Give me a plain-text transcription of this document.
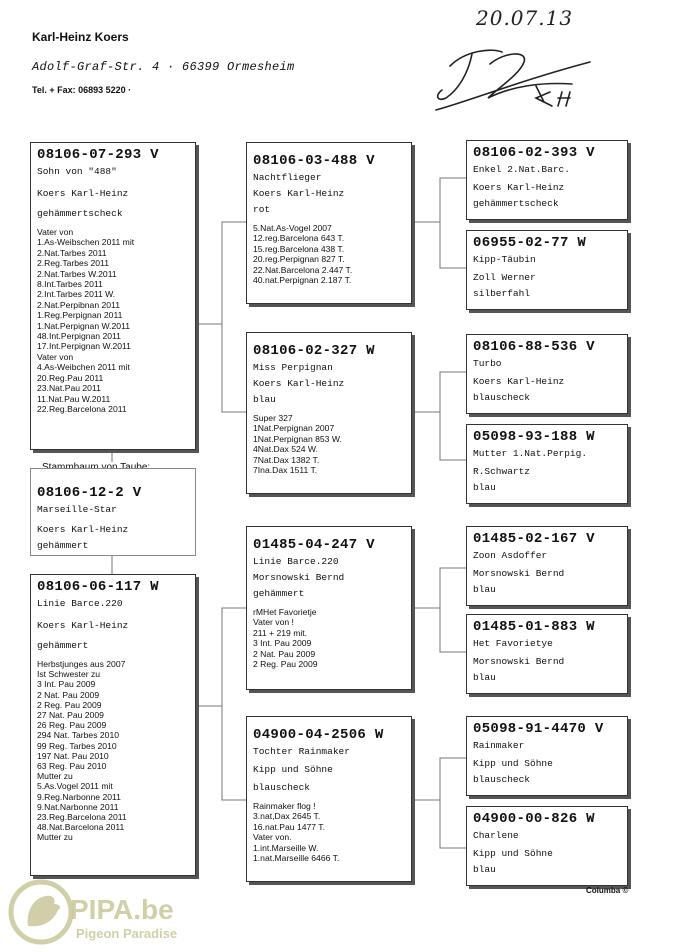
Karl-Heinz Koers
Adolf-Graf-Str. 4 · 66399 Ormesheim
Tel. + Fax: 06893 5220 ·
20.07.13
08106-07-293 V
Sohn von "488"
Koers Karl-Heinz
gehämmertscheck
Vater von
1.As-Weibschen 2011 mit
2.Nat.Tarbes 2011
2.Reg.Tarbes 2011
2.Nat.Tarbes W.2011
8.Int.Tarbes 2011
2.Int.Tarbes 2011 W.
2.Nat.Perpibnan 2011
1.Reg.Perpignan 2011
1.Nat.Perpignan W.2011
48.Int.Perpignan 2011
17.Int.Perpignan W.2011
Vater von
4.As-Weibchen 2011 mit
20.Reg.Pau 2011
23.Nat.Pau 2011
11.Nat.Pau W.2011
22.Reg.Barcelona 2011
08106-12-2 V
Marseille-Star
Koers Karl-Heinz
gehämmert
08106-06-117 W
Linie Barce.220
Koers Karl-Heinz
gehämmert
Herbstjunges aus 2007
Ist Schwester zu
3 Int. Pau 2009
2 Nat. Pau 2009
2 Reg. Pau 2009
27 Nat. Pau 2009
26 Reg. Pau 2009
294 Nat. Tarbes 2010
99 Reg. Tarbes 2010
197 Nat. Pau 2010
63 Reg. Pau 2010
Mutter zu
5.As.Vogel 2011 mit
9.Reg.Narbonne 2011
9.Nat.Narbonne 2011
23.Reg.Barcelona 2011
48.Nat.Barcelona 2011
Mutter zu
08106-03-488 V
Nachtflieger
Koers Karl-Heinz
rot
5.Nat.As-Vogel 2007
12.reg.Barcelona 643 T.
15.reg.Barcelona 438 T.
20.reg.Perpignan 827 T.
22.Nat.Barcelona 2.447 T.
40.nat.Perpignan 2.187 T.
08106-02-327 W
Miss Perpignan
Koers Karl-Heinz
blau
Super 327
1Nat.Perpignan 2007
1Nat.Perpignan 853 W.
4Nat.Dax 524 W.
7Nat.Dax 1382 T.
7Ina.Dax 1511 T.
01485-04-247 V
Linie Barce.220
Morsnowski Bernd
gehämmert
rMHet Favorietje
Vater von !
211 + 219 mit.
3 Int. Pau 2009
2 Nat. Pau 2009
2 Reg. Pau 2009
04900-04-2506 W
Tochter Rainmaker
Kipp und Söhne
blauscheck
Rainmaker flog !
3.nat,Dax 2645 T.
16.nat.Pau 1477 T.
Vater von.
1.int.Marseille W.
1.nat.Marseille 6466 T.
08106-02-393 V
Enkel 2.Nat.Barc.
Koers Karl-Heinz
gehämmertscheck
06955-02-77 W
Kipp-Täubin
Zoll Werner
silberfahl
08106-88-536 V
Turbo
Koers Karl-Heinz
blauscheck
05098-93-188 W
Mutter 1.Nat.Perpig.
R.Schwartz
blau
01485-02-167 V
Zoon Asdoffer
Morsnowski Bernd
blau
01485-01-883 W
Het Favorietye
Morsnowski Bernd
blau
05098-91-4470 V
Rainmaker
Kipp und Söhne
blauscheck
04900-00-826 W
Charlene
Kipp und Söhne
blau
Columba ©
PIPA.be
Pigeon Paradise
